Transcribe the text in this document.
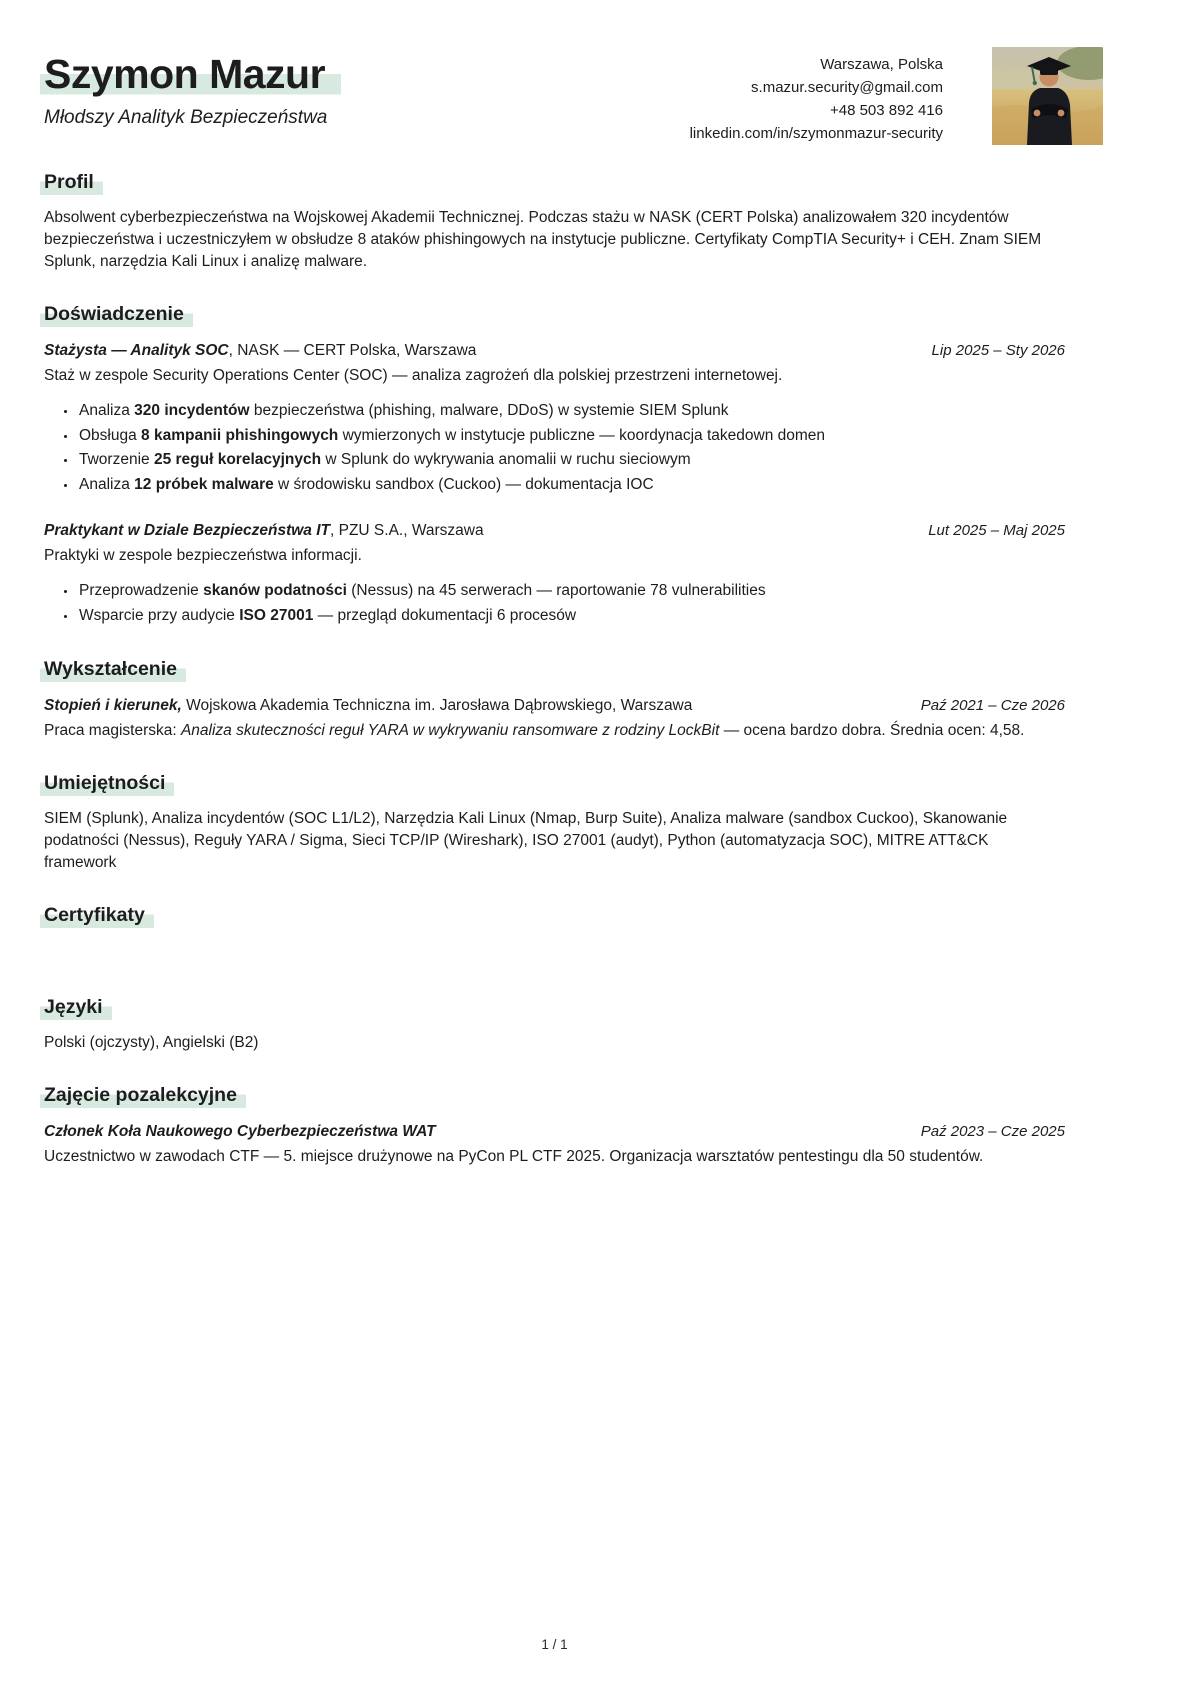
Szymon Mazur
Młodszy Analityk Bezpieczeństwa
Warszawa, Polska
s.mazur.security@gmail.com
+48 503 892 416
linkedin.com/in/szymonmazur-security
Profil

Absolwent cyberbezpieczeństwa na Wojskowej Akademii Technicznej. Podczas stażu w NASK (CERT Polska) analizowałem 320 incydentów bezpieczeństwa i uczestniczyłem w obsłudze 8 ataków phishingowych na instytucje publiczne. Certyfikaty CompTIA Security+ i CEH. Znam SIEM Splunk, narzędzia Kali Linux i analizę malware.

Doświadczenie
Stażysta — Analityk SOC, NASK — CERT Polska, Warszawa	Lip 2025 – Sty 2026
Staż w zespole Security Operations Center (SOC) — analiza zagrożeń dla polskiej przestrzeni internetowej.
• Analiza 320 incydentów bezpieczeństwa (phishing, malware, DDoS) w systemie SIEM Splunk
• Obsługa 8 kampanii phishingowych wymierzonych w instytucje publiczne — koordynacja takedown domen
• Tworzenie 25 reguł korelacyjnych w Splunk do wykrywania anomalii w ruchu sieciowym
• Analiza 12 próbek malware w środowisku sandbox (Cuckoo) — dokumentacja IOC
Praktykant w Dziale Bezpieczeństwa IT, PZU S.A., Warszawa	Lut 2025 – Maj 2025
Praktyki w zespole bezpieczeństwa informacji.
• Przeprowadzenie skanów podatności (Nessus) na 45 serwerach — raportowanie 78 vulnerabilities
• Wsparcie przy audycie ISO 27001 — przegląd dokumentacji 6 procesów
Wykształcenie
Stopień i kierunek, Wojskowa Akademia Techniczna im. Jarosława Dąbrowskiego, Warszawa	Paź 2021 – Cze 2026
Praca magisterska: Analiza skuteczności reguł YARA w wykrywaniu ransomware z rodziny LockBit — ocena bardzo dobra. Średnia ocen: 4,58.
Umiejętności

SIEM (Splunk), Analiza incydentów (SOC L1/L2), Narzędzia Kali Linux (Nmap, Burp Suite), Analiza malware (sandbox Cuckoo), Skanowanie podatności (Nessus), Reguły YARA / Sigma, Sieci TCP/IP (Wireshark), ISO 27001 (audyt), Python (automatyzacja SOC), MITRE ATT&CK framework

Certyfikaty
Języki

Polski (ojczysty), Angielski (B2)

Zajęcie pozalekcyjne
Członek Koła Naukowego Cyberbezpieczeństwa WAT	Paź 2023 – Cze 2025
Uczestnictwo w zawodach CTF — 5. miejsce drużynowe na PyCon PL CTF 2025. Organizacja warsztatów pentestingu dla 50 studentów.
1 / 1
